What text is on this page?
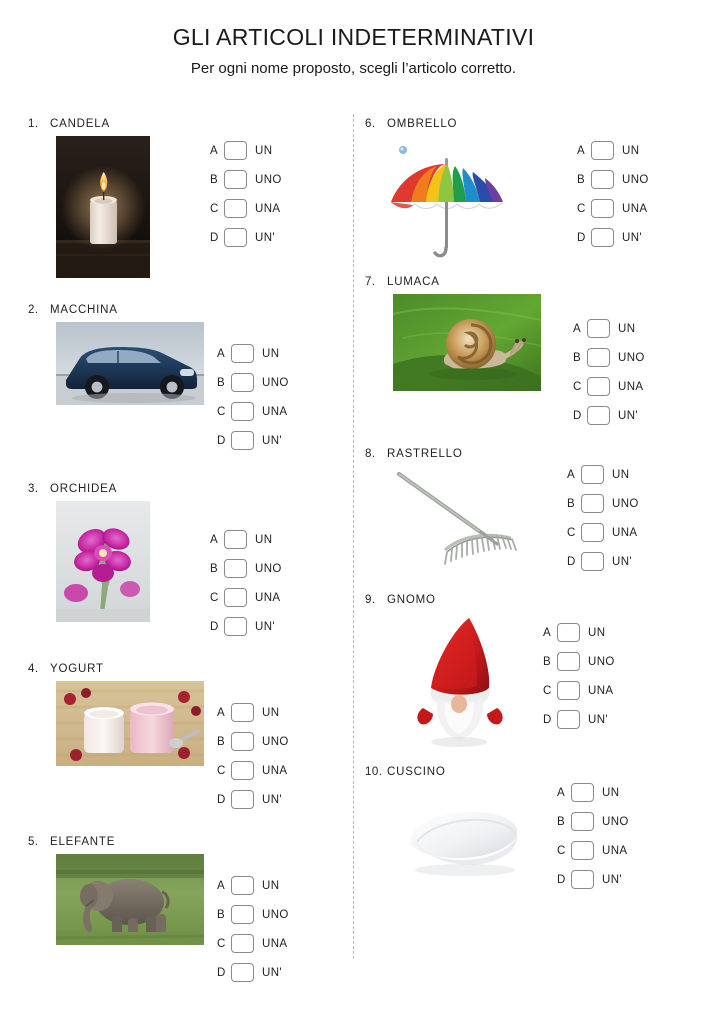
GLI ARTICOLI INDETERMINATIVI
Per ogni nome proposto, scegli l’articolo corretto.
1. CANDELA
A	UN
B	UNO
C	UNA
D	UN'
2. MACCHINA
A	UN
B	UNO
C	UNA
D	UN'
3. ORCHIDEA
A	UN
B	UNO
C	UNA
D	UN'
4. YOGURT
A	UN
B	UNO
C	UNA
D	UN'
5. ELEFANTE
A	UN
B	UNO
C	UNA
D	UN'
6. OMBRELLO
A	UN
B	UNO
C	UNA
D	UN'
7. LUMACA
A	UN
B	UNO
C	UNA
D	UN'
8. RASTRELLO
A	UN
B	UNO
C	UNA
D	UN'
9. GNOMO
A	UN
B	UNO
C	UNA
D	UN'
10. CUSCINO
A	UN
B	UNO
C	UNA
D	UN'
